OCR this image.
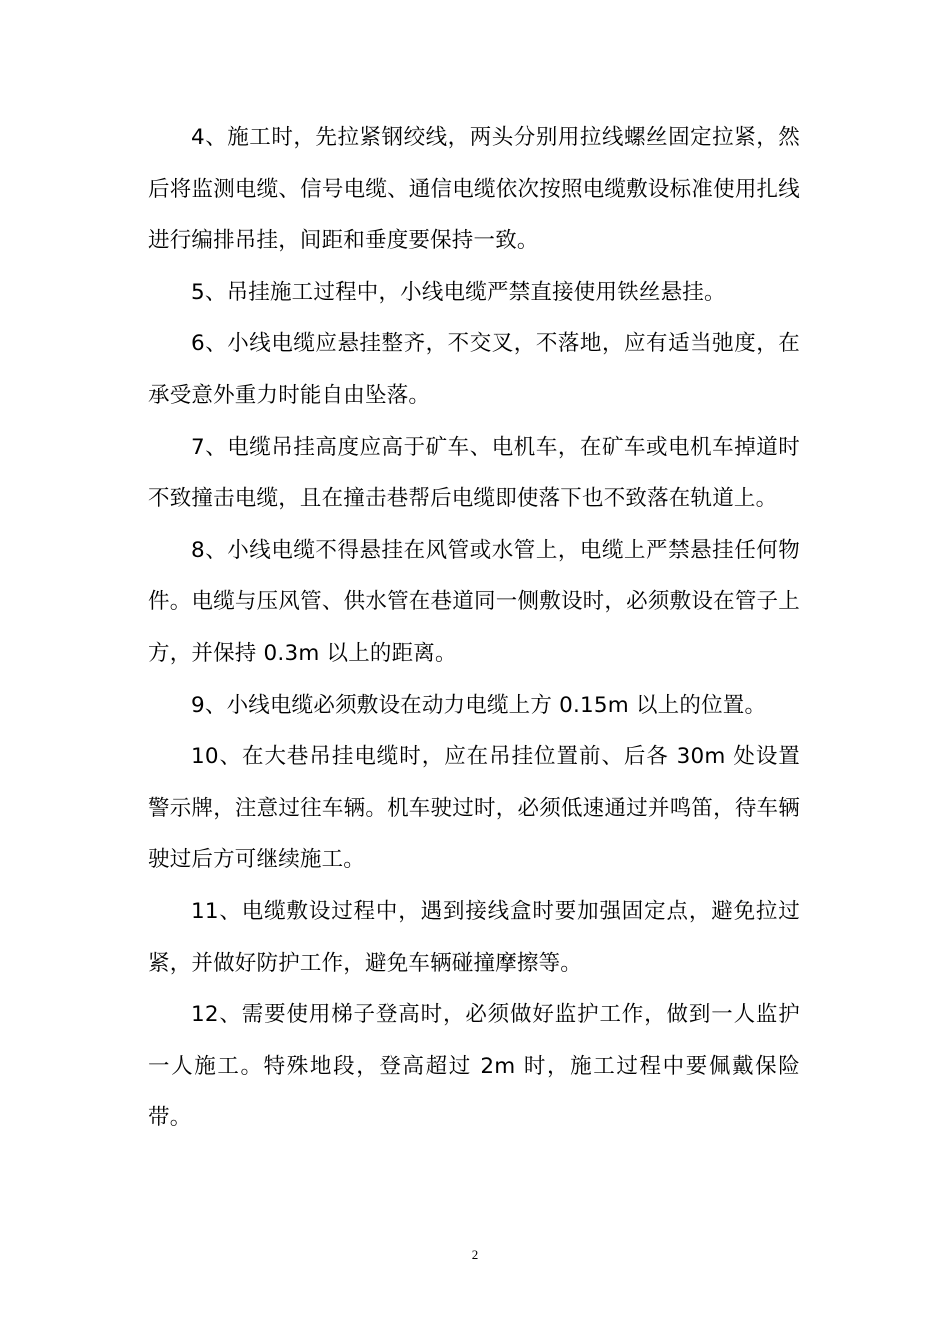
4、施工时，先拉紧钢绞线，两头分别用拉线螺丝固定拉紧，然后将监测电缆、信号电缆、通信电缆依次按照电缆敷设标准使用扎线进行编排吊挂，间距和垂度要保持一致。

5、吊挂施工过程中，小线电缆严禁直接使用铁丝悬挂。

6、小线电缆应悬挂整齐，不交叉，不落地，应有适当弛度，在承受意外重力时能自由坠落。

7、电缆吊挂高度应高于矿车、电机车，在矿车或电机车掉道时不致撞击电缆，且在撞击巷帮后电缆即使落下也不致落在轨道上。

8、小线电缆不得悬挂在风管或水管上，电缆上严禁悬挂任何物件。电缆与压风管、供水管在巷道同一侧敷设时，必须敷设在管子上方，并保持 0.3m 以上的距离。

9、小线电缆必须敷设在动力电缆上方 0.15m 以上的位置。

10、在大巷吊挂电缆时，应在吊挂位置前、后各 30m 处设置警示牌，注意过往车辆。机车驶过时，必须低速通过并鸣笛，待车辆驶过后方可继续施工。

11、电缆敷设过程中，遇到接线盒时要加强固定点，避免拉过紧，并做好防护工作，避免车辆碰撞摩擦等。

12、需要使用梯子登高时，必须做好监护工作，做到一人监护一人施工。特殊地段，登高超过 2m 时，施工过程中要佩戴保险带。

2
